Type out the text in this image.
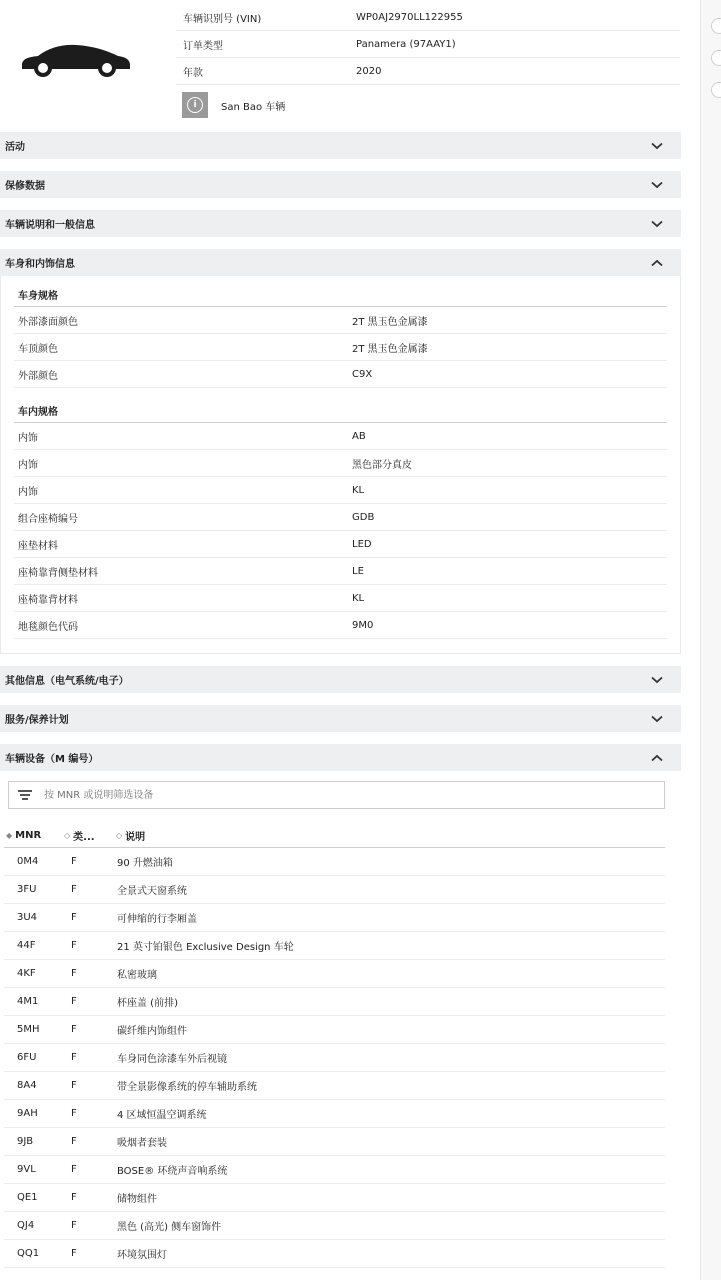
车辆识别号 (VIN)	WP0AJ2970LL122955
订单类型	Panamera (97AAY1)
年款	2020
i	San Bao 车辆
活动
保修数据
车辆说明和一般信息
车身和内饰信息
车身规格
外部漆面颜色	2T 黑玉色金属漆
车顶颜色	2T 黑玉色金属漆
外部颜色	C9X
车内规格
内饰	AB
内饰	黑色部分真皮
内饰	KL
组合座椅编号	GDB
座垫材料	LED
座椅靠背侧垫材料	LE
座椅靠背材料	KL
地毯颜色代码	9M0
其他信息（电气系统/电子）
服务/保养计划
车辆设备（M 编号）
按 MNR 或说明筛选设备
◆ MNR	◇ 类...	◇ 说明
0M4	F	90 升燃油箱
3FU	F	全景式天窗系统
3U4	F	可伸缩的行李厢盖
44F	F	21 英寸铂银色 Exclusive Design 车轮
4KF	F	私密玻璃
4M1	F	杯座盖 (前排)
5MH	F	碳纤维内饰组件
6FU	F	车身同色涂漆车外后视镜
8A4	F	带全景影像系统的停车辅助系统
9AH	F	4 区域恒温空调系统
9JB	F	吸烟者套装
9VL	F	BOSE® 环绕声音响系统
QE1	F	储物组件
QJ4	F	黑色 (高光) 侧车窗饰件
QQ1	F	环境氛围灯
